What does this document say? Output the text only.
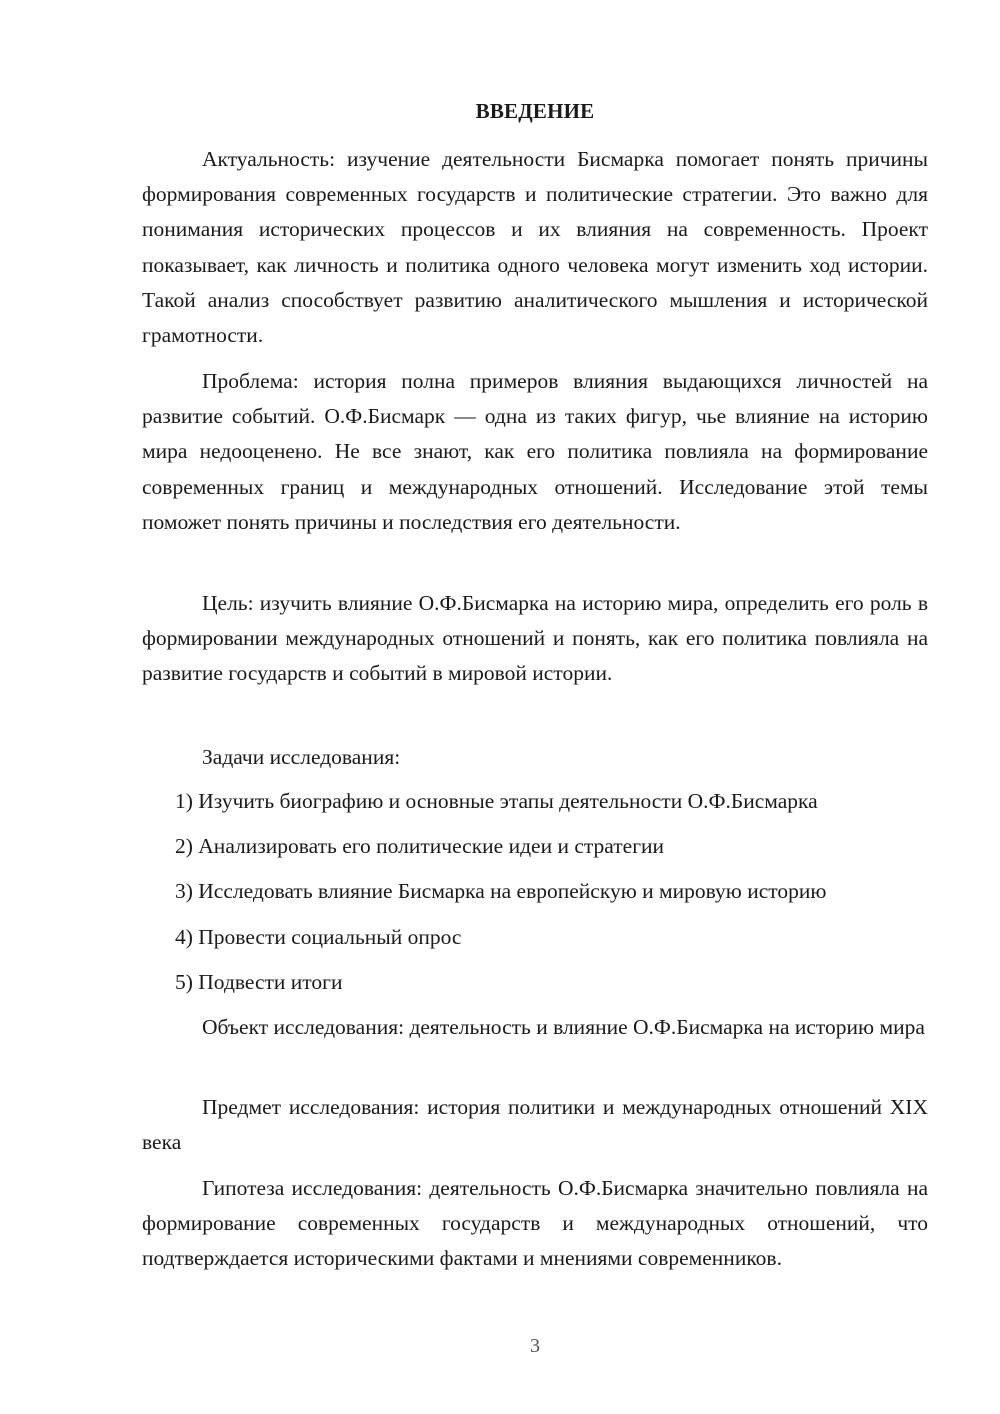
ВВЕДЕНИЕ

Актуальность: изучение деятельности Бисмарка помогает понять причины формирования современных государств и политические стратегии. Это важно для понимания исторических процессов и их влияния на современность. Проект показывает, как личность и политика одного человека могут изменить ход истории. Такой анализ способствует развитию аналитического мышления и исторической грамотности.

Проблема: история полна примеров влияния выдающихся личностей на развитие событий. О.Ф.Бисмарк — одна из таких фигур, чье влияние на историю мира недооценено. Не все знают, как его политика повлияла на формирование современных границ и международных отношений. Исследование этой темы поможет понять причины и последствия его деятельности.

Цель: изучить влияние О.Ф.Бисмарка на историю мира, определить его роль в формировании международных отношений и понять, как его политика повлияла на развитие государств и событий в мировой истории.

Задачи исследования:

1) Изучить биографию и основные этапы деятельности О.Ф.Бисмарка

2) Анализировать его политические идеи и стратегии

3) Исследовать влияние Бисмарка на европейскую и мировую историю

4) Провести социальный опрос

5) Подвести итоги

Объект исследования: деятельность и влияние О.Ф.Бисмарка на историю мира

Предмет исследования: история политики и международных отношений XIX века

Гипотеза исследования: деятельность О.Ф.Бисмарка значительно повлияла на формирование современных государств и международных отношений, что подтверждается историческими фактами и мнениями современников.

3
